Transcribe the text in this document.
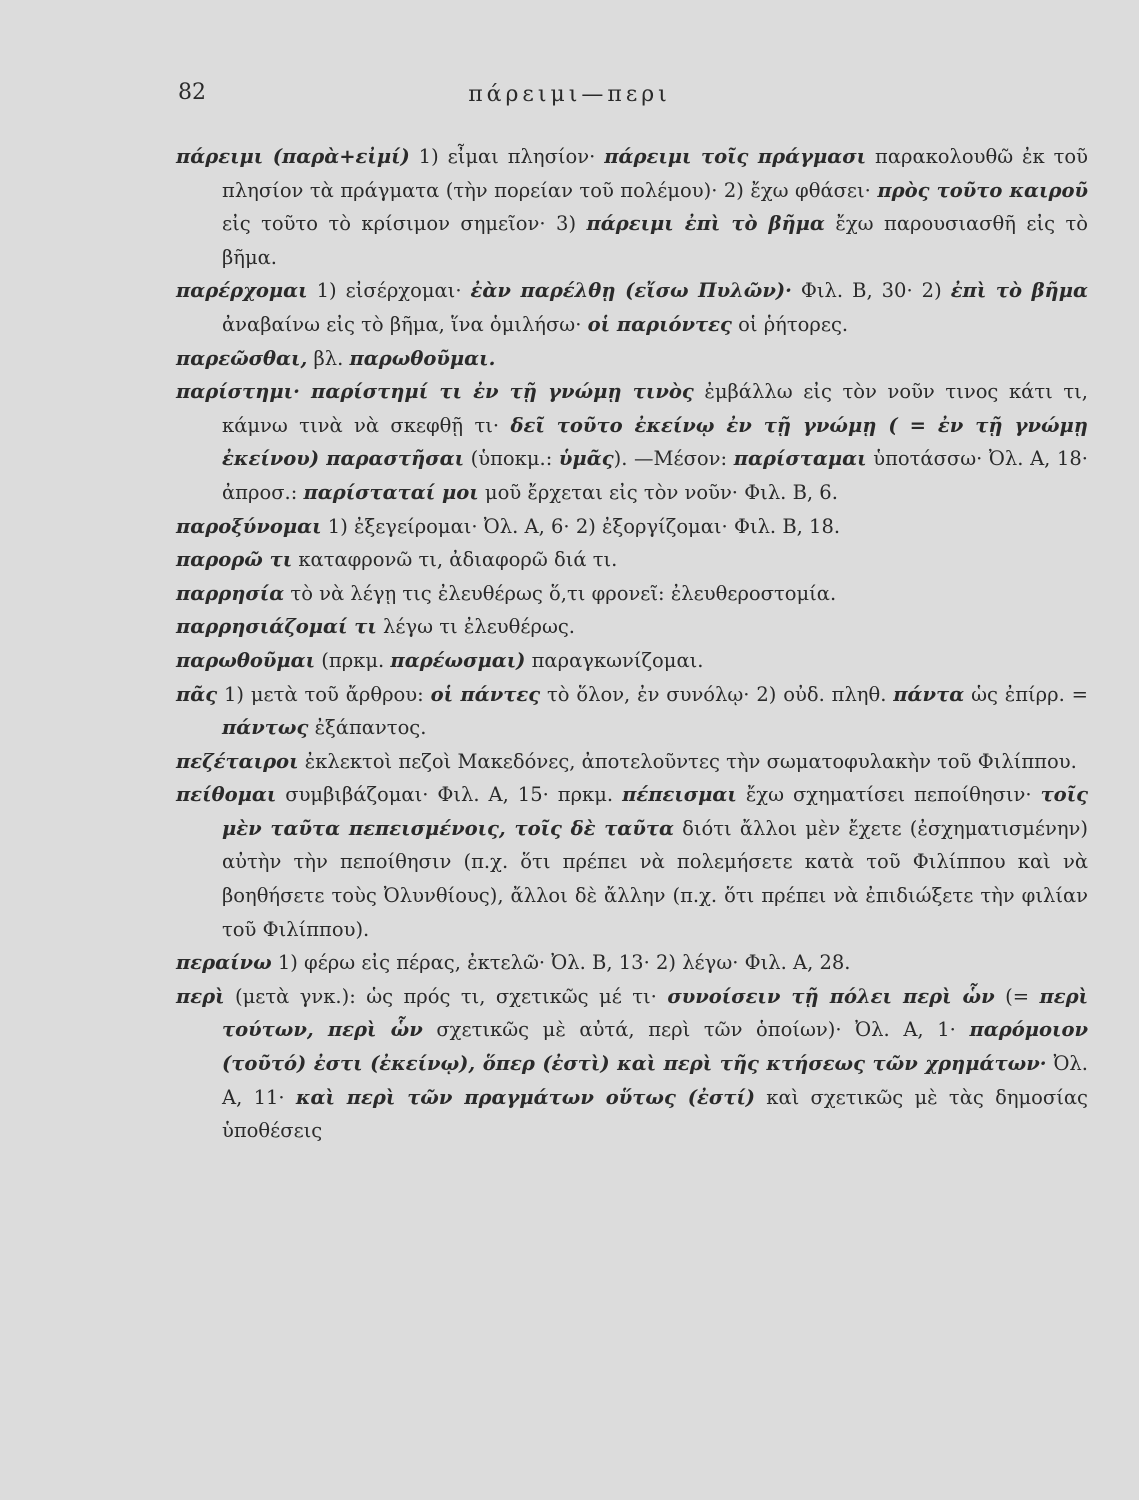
82	πάρειμι—περι
πάρειμι (παρὰ+εἰμί) 1) εἶμαι πλησίον· πάρειμι τοῖς πράγμασι παρακολουθῶ ἐκ τοῦ πλησίον τὰ πράγματα (τὴν πορείαν τοῦ πολέμου)· 2) ἔχω φθάσει· πρὸς τοῦτο καιροῦ εἰς τοῦτο τὸ κρίσιμον σημεῖον· 3) πάρειμι ἐπὶ τὸ βῆμα ἔχω παρουσιασθῆ εἰς τὸ βῆμα.
παρέρχομαι 1) εἰσέρχομαι· ἐὰν παρέλθῃ (εἴσω Πυλῶν)· Φιλ. Β, 30· 2) ἐπὶ τὸ βῆμα ἀναβαίνω εἰς τὸ βῆμα, ἵνα ὁμιλήσω· οἱ παριόντες οἱ ῥήτορες.
παρεῶσθαι, βλ. παρωθοῦμαι.
παρίστημι· παρίστημί τι ἐν τῇ γνώμῃ τινὸς ἐμβάλλω εἰς τὸν νοῦν τινος κάτι τι, κάμνω τινὰ νὰ σκεφθῇ τι· δεῖ τοῦτο ἐκείνῳ ἐν τῇ γνώμῃ ( = ἐν τῇ γνώμῃ ἐκείνου) παραστῆσαι (ὑποκμ.: ὑμᾶς). —Μέσον: παρίσταμαι ὑποτάσσω· Ὀλ. Α, 18· ἀπροσ.: παρίσταταί μοι μοῦ ἔρχεται εἰς τὸν νοῦν· Φιλ. Β, 6.
παροξύνομαι 1) ἐξεγείρομαι· Ὀλ. Α, 6· 2) ἐξοργίζομαι· Φιλ. Β, 18.
παρορῶ τι καταφρονῶ τι, ἀδιαφορῶ διά τι.
παρρησία τὸ νὰ λέγῃ τις ἐλευθέρως ὅ,τι φρονεῖ: ἐλευθεροστομία.
παρρησιάζομαί τι λέγω τι ἐλευθέρως.
παρωθοῦμαι (πρκμ. παρέωσμαι) παραγκωνίζομαι.
πᾶς 1) μετὰ τοῦ ἄρθρου: οἱ πάντες τὸ ὅλον, ἐν συνόλῳ· 2) οὐδ. πληθ. πάντα ὡς ἐπίρρ. = πάντως ἐξάπαντος.
πεζέταιροι ἐκλεκτοὶ πεζοὶ Μακεδόνες, ἀποτελοῦντες τὴν σωματοφυλακὴν τοῦ Φιλίππου.
πείθομαι συμβιβάζομαι· Φιλ. Α, 15· πρκμ. πέπεισμαι ἔχω σχηματίσει πεποίθησιν· τοῖς μὲν ταῦτα πεπεισμένοις, τοῖς δὲ ταῦτα διότι ἄλλοι μὲν ἔχετε (ἐσχηματισμένην) αὐτὴν τὴν πεποίθησιν (π.χ. ὅτι πρέπει νὰ πολεμήσετε κατὰ τοῦ Φιλίππου καὶ νὰ βοηθήσετε τοὺς Ὀλυνθίους), ἄλλοι δὲ ἄλλην (π.χ. ὅτι πρέπει νὰ ἐπιδιώξετε τὴν φιλίαν τοῦ Φιλίππου).
περαίνω 1) φέρω εἰς πέρας, ἐκτελῶ· Ὀλ. Β, 13· 2) λέγω· Φιλ. Α, 28.
περὶ (μετὰ γνκ.): ὡς πρός τι, σχετικῶς μέ τι· συνοίσειν τῇ πόλει περὶ ὧν (= περὶ τούτων, περὶ ὧν σχετικῶς μὲ αὐτά, περὶ τῶν ὁποίων)· Ὀλ. Α, 1· παρόμοιον (τοῦτό) ἐστι (ἐκείνῳ), ὅπερ (ἐστὶ) καὶ περὶ τῆς κτήσεως τῶν χρημάτων· Ὀλ. Α, 11· καὶ περὶ τῶν πραγμάτων οὕτως (ἐστί) καὶ σχετικῶς μὲ τὰς δημοσίας ὑποθέσεις
